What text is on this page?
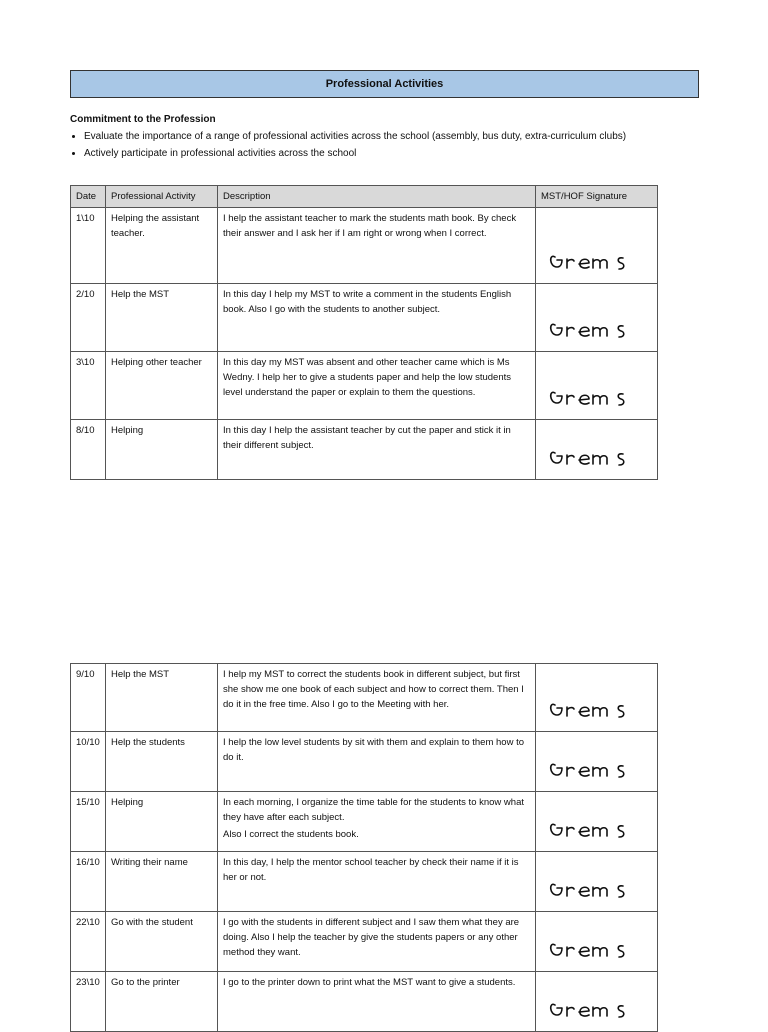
Professional Activities
Commitment to the Profession
• Evaluate the importance of a range of professional activities across the school (assembly, bus duty, extra-curriculum clubs)
• Actively participate in professional activities across the school
Date	Professional Activity	Description	MST/HOF Signature
1\10	Helping the assistant teacher.	I help the assistant teacher to mark the students math book. By check their answer and I ask her if I am right or wrong when I correct.

2/10	Help the MST	In this day I help my MST to write a comment in the students English book. Also I go with the students to another subject.

3\10	Helping other teacher	In this day my MST was absent and other teacher came which is Ms Wedny. I help her to give a students paper and help the low students level understand the paper or explain to them the questions.

8/10	Helping	In this day I help the assistant teacher by cut the paper and stick it in their different subject.

9/10	Help the MST	I help my MST to correct the students book in different subject, but first she show me one book of each subject and how to correct them. Then I do it in the free time. Also I go to the Meeting with her.

10/10	Help the students	I help the low level students by sit with them and explain to them how to do it.

15/10	Helping	In each morning, I organize the time table for the students to know what they have after each subject.
Also I correct the students book.

16/10	Writing their name	In this day, I help the mentor school teacher by check their name if it is her or not.

22\10	Go with the student	I go with the students in different subject and I saw them what they are doing. Also I help the teacher by give the students papers or any other method they want.

23\10	Go to the printer	I go to the printer down to print what the MST want to give a students.
